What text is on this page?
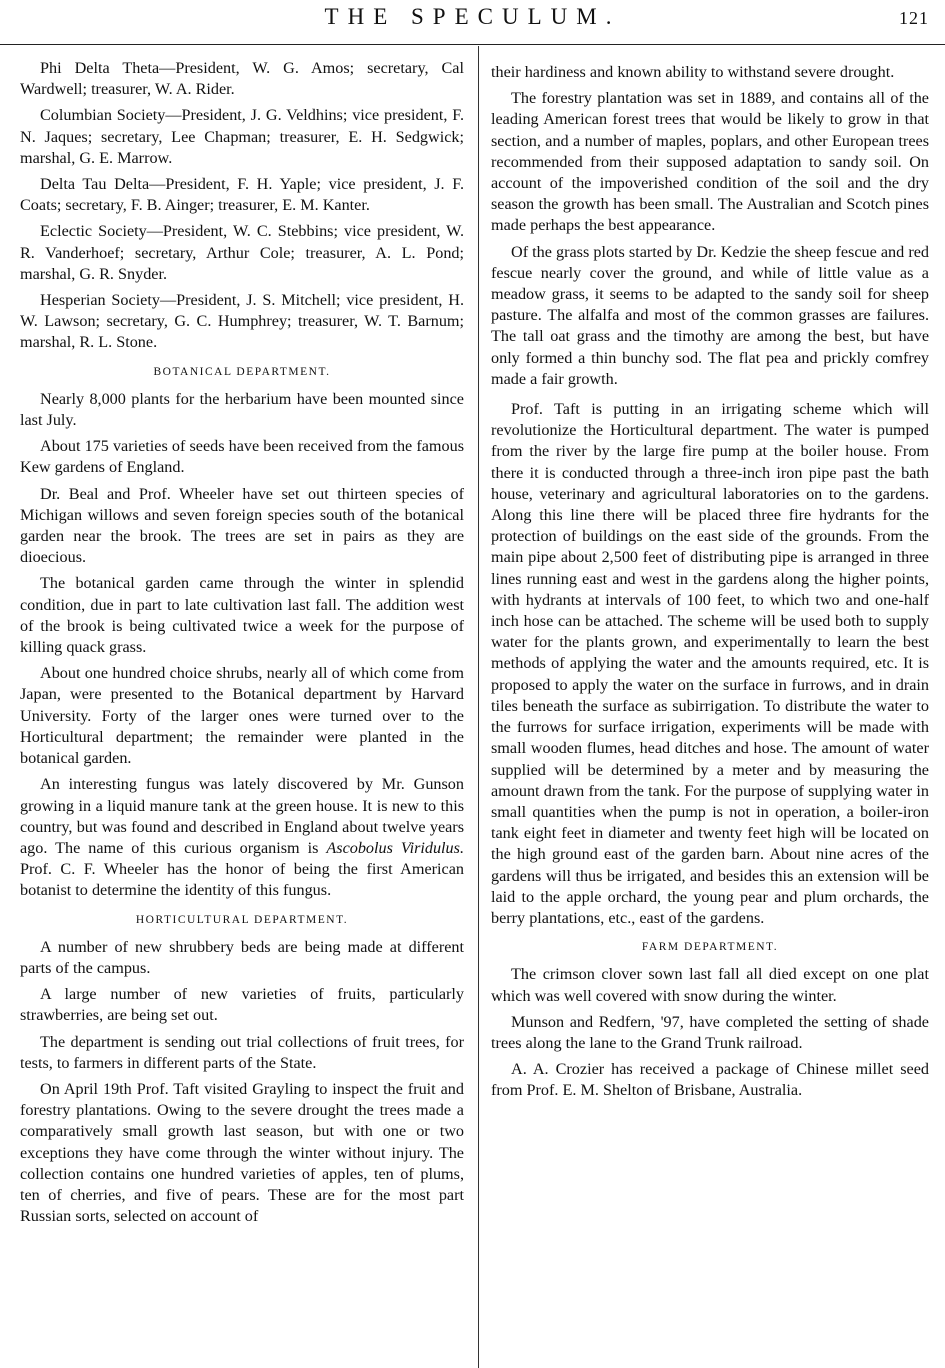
THE SPECULUM.	121

Phi Delta Theta—President, W. G. Amos; secretary, Cal Wardwell; treasurer, W. A. Rider.

Columbian Society—President, J. G. Veldhins; vice president, F. N. Jaques; secretary, Lee Chapman; treasurer, E. H. Sedgwick; marshal, G. E. Marrow.

Delta Tau Delta—President, F. H. Yaple; vice president, J. F. Coats; secretary, F. B. Ainger; treasurer, E. M. Kanter.

Eclectic Society—President, W. C. Stebbins; vice president, W. R. Vanderhoef; secretary, Arthur Cole; treasurer, A. L. Pond; marshal, G. R. Snyder.

Hesperian Society—President, J. S. Mitchell; vice president, H. W. Lawson; secretary, G. C. Humphrey; treasurer, W. T. Barnum; marshal, R. L. Stone.

BOTANICAL DEPARTMENT.

Nearly 8,000 plants for the herbarium have been mounted since last July.

About 175 varieties of seeds have been received from the famous Kew gardens of England.

Dr. Beal and Prof. Wheeler have set out thirteen species of Michigan willows and seven foreign species south of the botanical garden near the brook. The trees are set in pairs as they are dioecious.

The botanical garden came through the winter in splendid condition, due in part to late cultivation last fall. The addition west of the brook is being cultivated twice a week for the purpose of killing quack grass.

About one hundred choice shrubs, nearly all of which come from Japan, were presented to the Botanical department by Harvard University. Forty of the larger ones were turned over to the Horticultural department; the remainder were planted in the botanical garden.

An interesting fungus was lately discovered by Mr. Gunson growing in a liquid manure tank at the green house. It is new to this country, but was found and described in England about twelve years ago. The name of this curious organism is Ascobolus Viridulus. Prof. C. F. Wheeler has the honor of being the first American botanist to determine the identity of this fungus.

HORTICULTURAL DEPARTMENT.

A number of new shrubbery beds are being made at different parts of the campus.

A large number of new varieties of fruits, particularly strawberries, are being set out.

The department is sending out trial collections of fruit trees, for tests, to farmers in different parts of the State.

On April 19th Prof. Taft visited Grayling to inspect the fruit and forestry plantations. Owing to the severe drought the trees made a comparatively small growth last season, but with one or two exceptions they have come through the winter without injury. The collection contains one hundred varieties of apples, ten of plums, ten of cherries, and five of pears. These are for the most part Russian sorts, selected on account of

their hardiness and known ability to withstand severe drought.

The forestry plantation was set in 1889, and contains all of the leading American forest trees that would be likely to grow in that section, and a number of maples, poplars, and other European trees recommended from their supposed adaptation to sandy soil. On account of the impoverished condition of the soil and the dry season the growth has been small. The Australian and Scotch pines made perhaps the best appearance.

Of the grass plots started by Dr. Kedzie the sheep fescue and red fescue nearly cover the ground, and while of little value as a meadow grass, it seems to be adapted to the sandy soil for sheep pasture. The alfalfa and most of the common grasses are failures. The tall oat grass and the timothy are among the best, but have only formed a thin bunchy sod. The flat pea and prickly comfrey made a fair growth.

Prof. Taft is putting in an irrigating scheme which will revolutionize the Horticultural department. The water is pumped from the river by the large fire pump at the boiler house. From there it is conducted through a three-inch iron pipe past the bath house, veterinary and agricultural laboratories on to the gardens. Along this line there will be placed three fire hydrants for the protection of buildings on the east side of the grounds. From the main pipe about 2,500 feet of distributing pipe is arranged in three lines running east and west in the gardens along the higher points, with hydrants at intervals of 100 feet, to which two and one-half inch hose can be attached. The scheme will be used both to supply water for the plants grown, and experimentally to learn the best methods of applying the water and the amounts required, etc. It is proposed to apply the water on the surface in furrows, and in drain tiles beneath the surface as subirrigation. To distribute the water to the furrows for surface irrigation, experiments will be made with small wooden flumes, head ditches and hose. The amount of water supplied will be determined by a meter and by measuring the amount drawn from the tank. For the purpose of supplying water in small quantities when the pump is not in operation, a boiler-iron tank eight feet in diameter and twenty feet high will be located on the high ground east of the garden barn. About nine acres of the gardens will thus be irrigated, and besides this an extension will be laid to the apple orchard, the young pear and plum orchards, the berry plantations, etc., east of the gardens.

FARM DEPARTMENT.

The crimson clover sown last fall all died except on one plat which was well covered with snow during the winter.

Munson and Redfern, '97, have completed the setting of shade trees along the lane to the Grand Trunk railroad.

A. A. Crozier has received a package of Chinese millet seed from Prof. E. M. Shelton of Brisbane, Australia.
